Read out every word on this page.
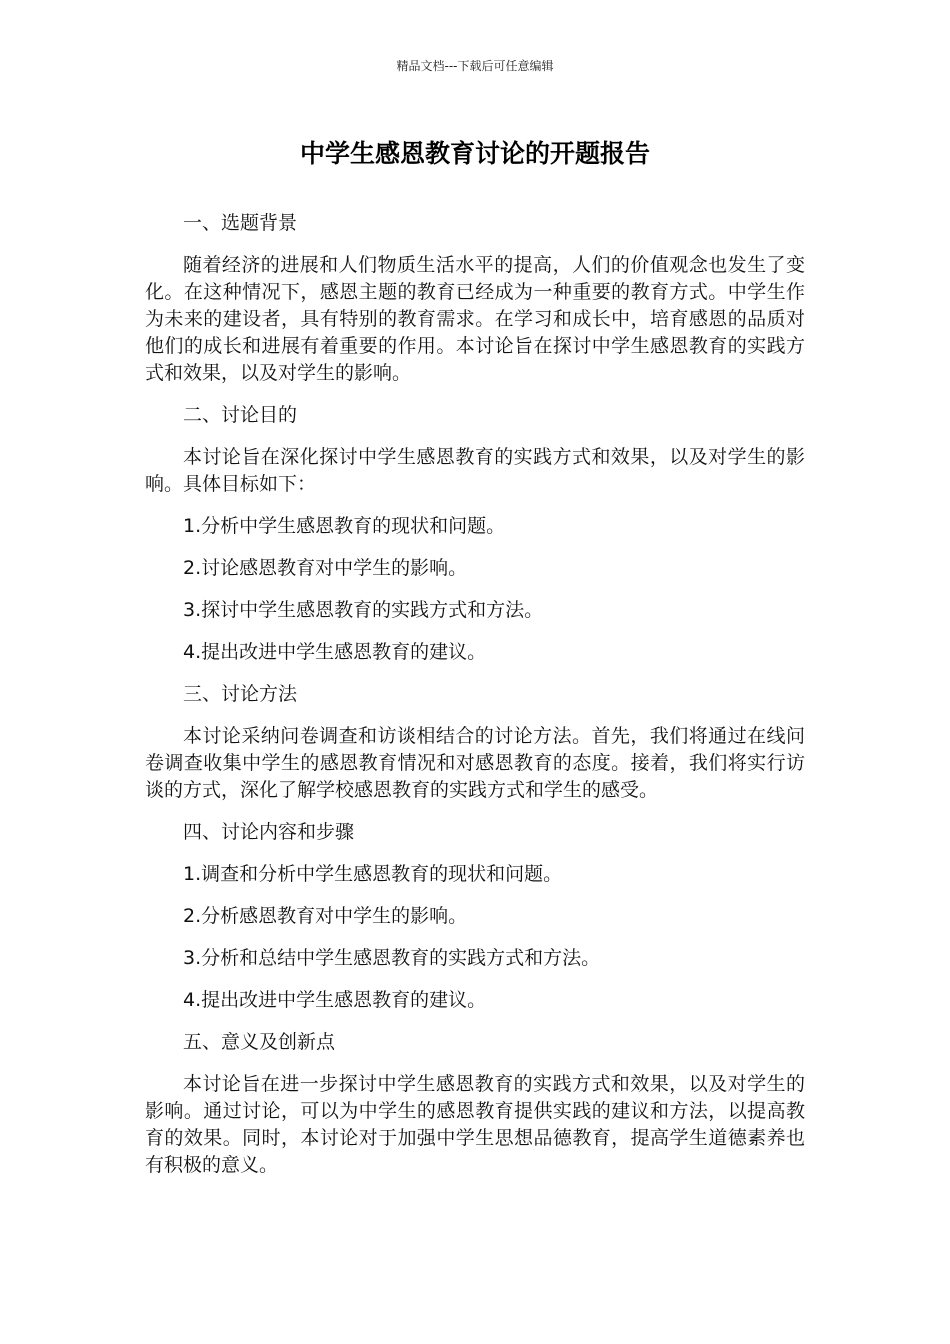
精品文档---下载后可任意编辑
中学生感恩教育讨论的开题报告
一、选题背景

随着经济的进展和人们物质生活水平的提高，人们的价值观念也发生了变化。在这种情况下，感恩主题的教育已经成为一种重要的教育方式。中学生作为未来的建设者，具有特别的教育需求。在学习和成长中，培育感恩的品质对他们的成长和进展有着重要的作用。本讨论旨在探讨中学生感恩教育的实践方式和效果，以及对学生的影响。

二、讨论目的

本讨论旨在深化探讨中学生感恩教育的实践方式和效果，以及对学生的影响。具体目标如下：

1.分析中学生感恩教育的现状和问题。
2.讨论感恩教育对中学生的影响。
3.探讨中学生感恩教育的实践方式和方法。
4.提出改进中学生感恩教育的建议。
三、讨论方法

本讨论采纳问卷调查和访谈相结合的讨论方法。首先，我们将通过在线问卷调查收集中学生的感恩教育情况和对感恩教育的态度。接着，我们将实行访谈的方式，深化了解学校感恩教育的实践方式和学生的感受。

四、讨论内容和步骤
1.调查和分析中学生感恩教育的现状和问题。
2.分析感恩教育对中学生的影响。
3.分析和总结中学生感恩教育的实践方式和方法。
4.提出改进中学生感恩教育的建议。
五、意义及创新点

本讨论旨在进一步探讨中学生感恩教育的实践方式和效果，以及对学生的影响。通过讨论，可以为中学生的感恩教育提供实践的建议和方法，以提高教育的效果。同时，本讨论对于加强中学生思想品德教育，提高学生道德素养也有积极的意义。
